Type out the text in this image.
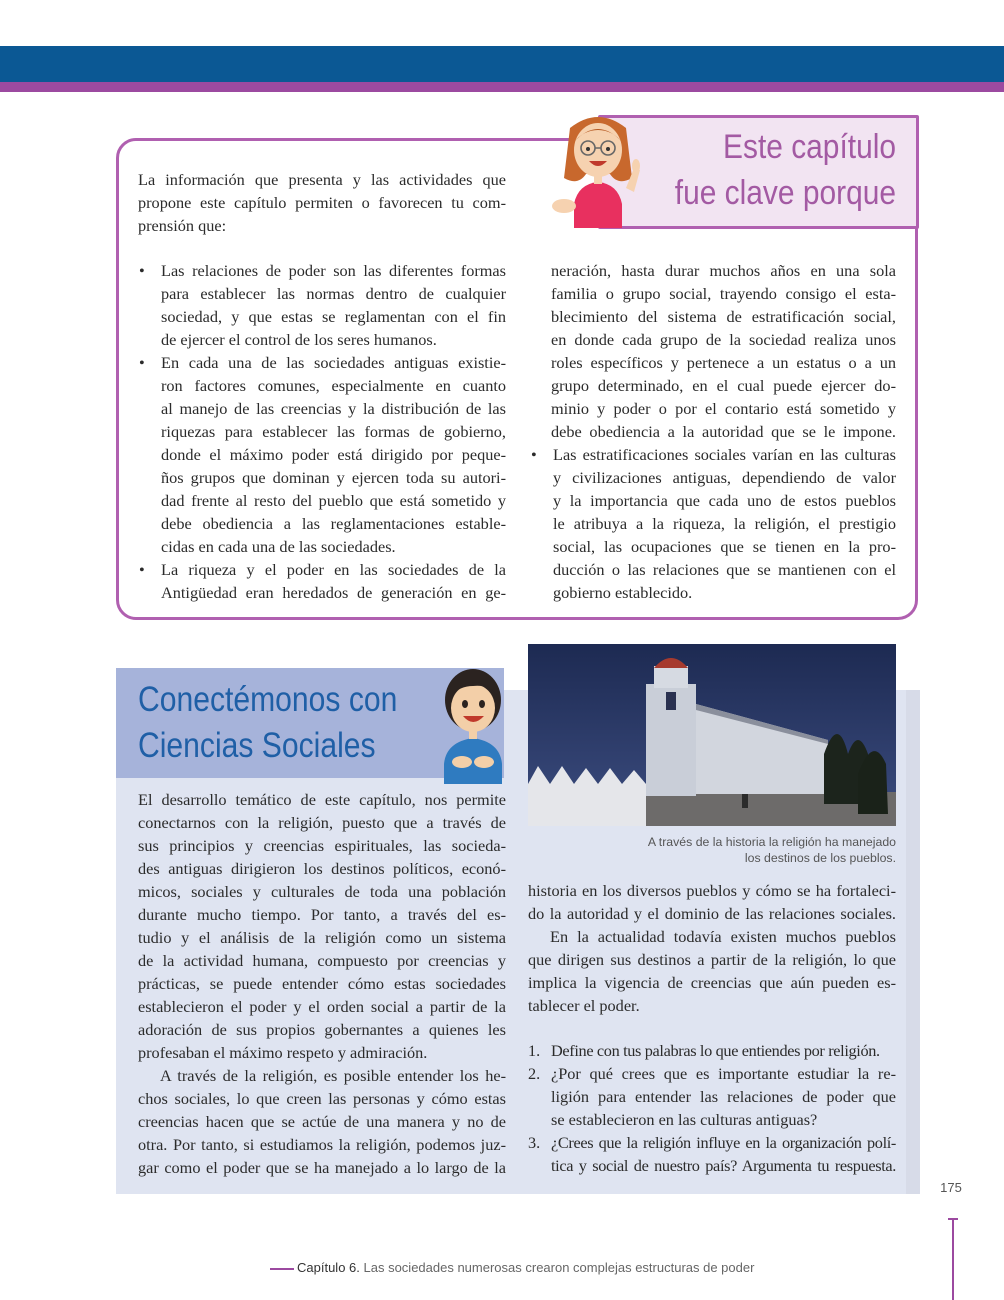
Este capítulo
fue clave porque
La información que presenta y las actividades que
propone este capítulo permiten o favorecen tu com-
prensión que:
• Las relaciones de poder son las diferentes formas
para establecer las normas dentro de cualquier
sociedad, y que estas se reglamentan con el fin
de ejercer el control de los seres humanos.
• En cada una de las sociedades antiguas existie-
ron factores comunes, especialmente en cuanto
al manejo de las creencias y la distribución de las
riquezas para establecer las formas de gobierno,
donde el máximo poder está dirigido por peque-
ños grupos que dominan y ejercen toda su autori-
dad frente al resto del pueblo que está sometido y
debe obediencia a las reglamentaciones estable-
cidas en cada una de las sociedades.
• La riqueza y el poder en las sociedades de la
Antigüedad eran heredados de generación en ge-
neración, hasta durar muchos años en una sola
familia o grupo social, trayendo consigo el esta-
blecimiento del sistema de estratificación social,
en donde cada grupo de la sociedad realiza unos
roles específicos y pertenece a un estatus o a un
grupo determinado, en el cual puede ejercer do-
minio y poder o por el contario está sometido y
debe obediencia a la autoridad que se le impone.
• Las estratificaciones sociales varían en las culturas
y civilizaciones antiguas, dependiendo de valor
y la importancia que cada uno de estos pueblos
le atribuya a la riqueza, la religión, el prestigio
social, las ocupaciones que se tienen en la pro-
ducción o las relaciones que se mantienen con el
gobierno establecido.
Conectémonos con
Ciencias Sociales
A través de la historia la religión ha manejado
los destinos de los pueblos.
El desarrollo temático de este capítulo, nos permite
conectarnos con la religión, puesto que a través de
sus principios y creencias espirituales, las socieda-
des antiguas dirigieron los destinos políticos, econó-
micos, sociales y culturales de toda una población
durante mucho tiempo. Por tanto, a través del es-
tudio y el análisis de la religión como un sistema
de la actividad humana, compuesto por creencias y
prácticas, se puede entender cómo estas sociedades
establecieron el poder y el orden social a partir de la
adoración de sus propios gobernantes a quienes les
profesaban el máximo respeto y admiración.
A través de la religión, es posible entender los he-
chos sociales, lo que creen las personas y cómo estas
creencias hacen que se actúe de una manera y no de
otra. Por tanto, si estudiamos la religión, podemos juz-
gar como el poder que se ha manejado a lo largo de la
historia en los diversos pueblos y cómo se ha fortaleci-
do la autoridad y el dominio de las relaciones sociales.
En la actualidad todavía existen muchos pueblos
que dirigen sus destinos a partir de la religión, lo que
implica la vigencia de creencias que aún pueden es-
tablecer el poder.
1. Define con tus palabras lo que entiendes por religión.
2. ¿Por qué crees que es importante estudiar la re-
ligión para entender las relaciones de poder que
se establecieron en las culturas antiguas?
3. ¿Crees que la religión influye en la organización polí-
tica y social de nuestro país? Argumenta tu respuesta.
175
Capítulo 6. Las sociedades numerosas crearon complejas estructuras de poder
